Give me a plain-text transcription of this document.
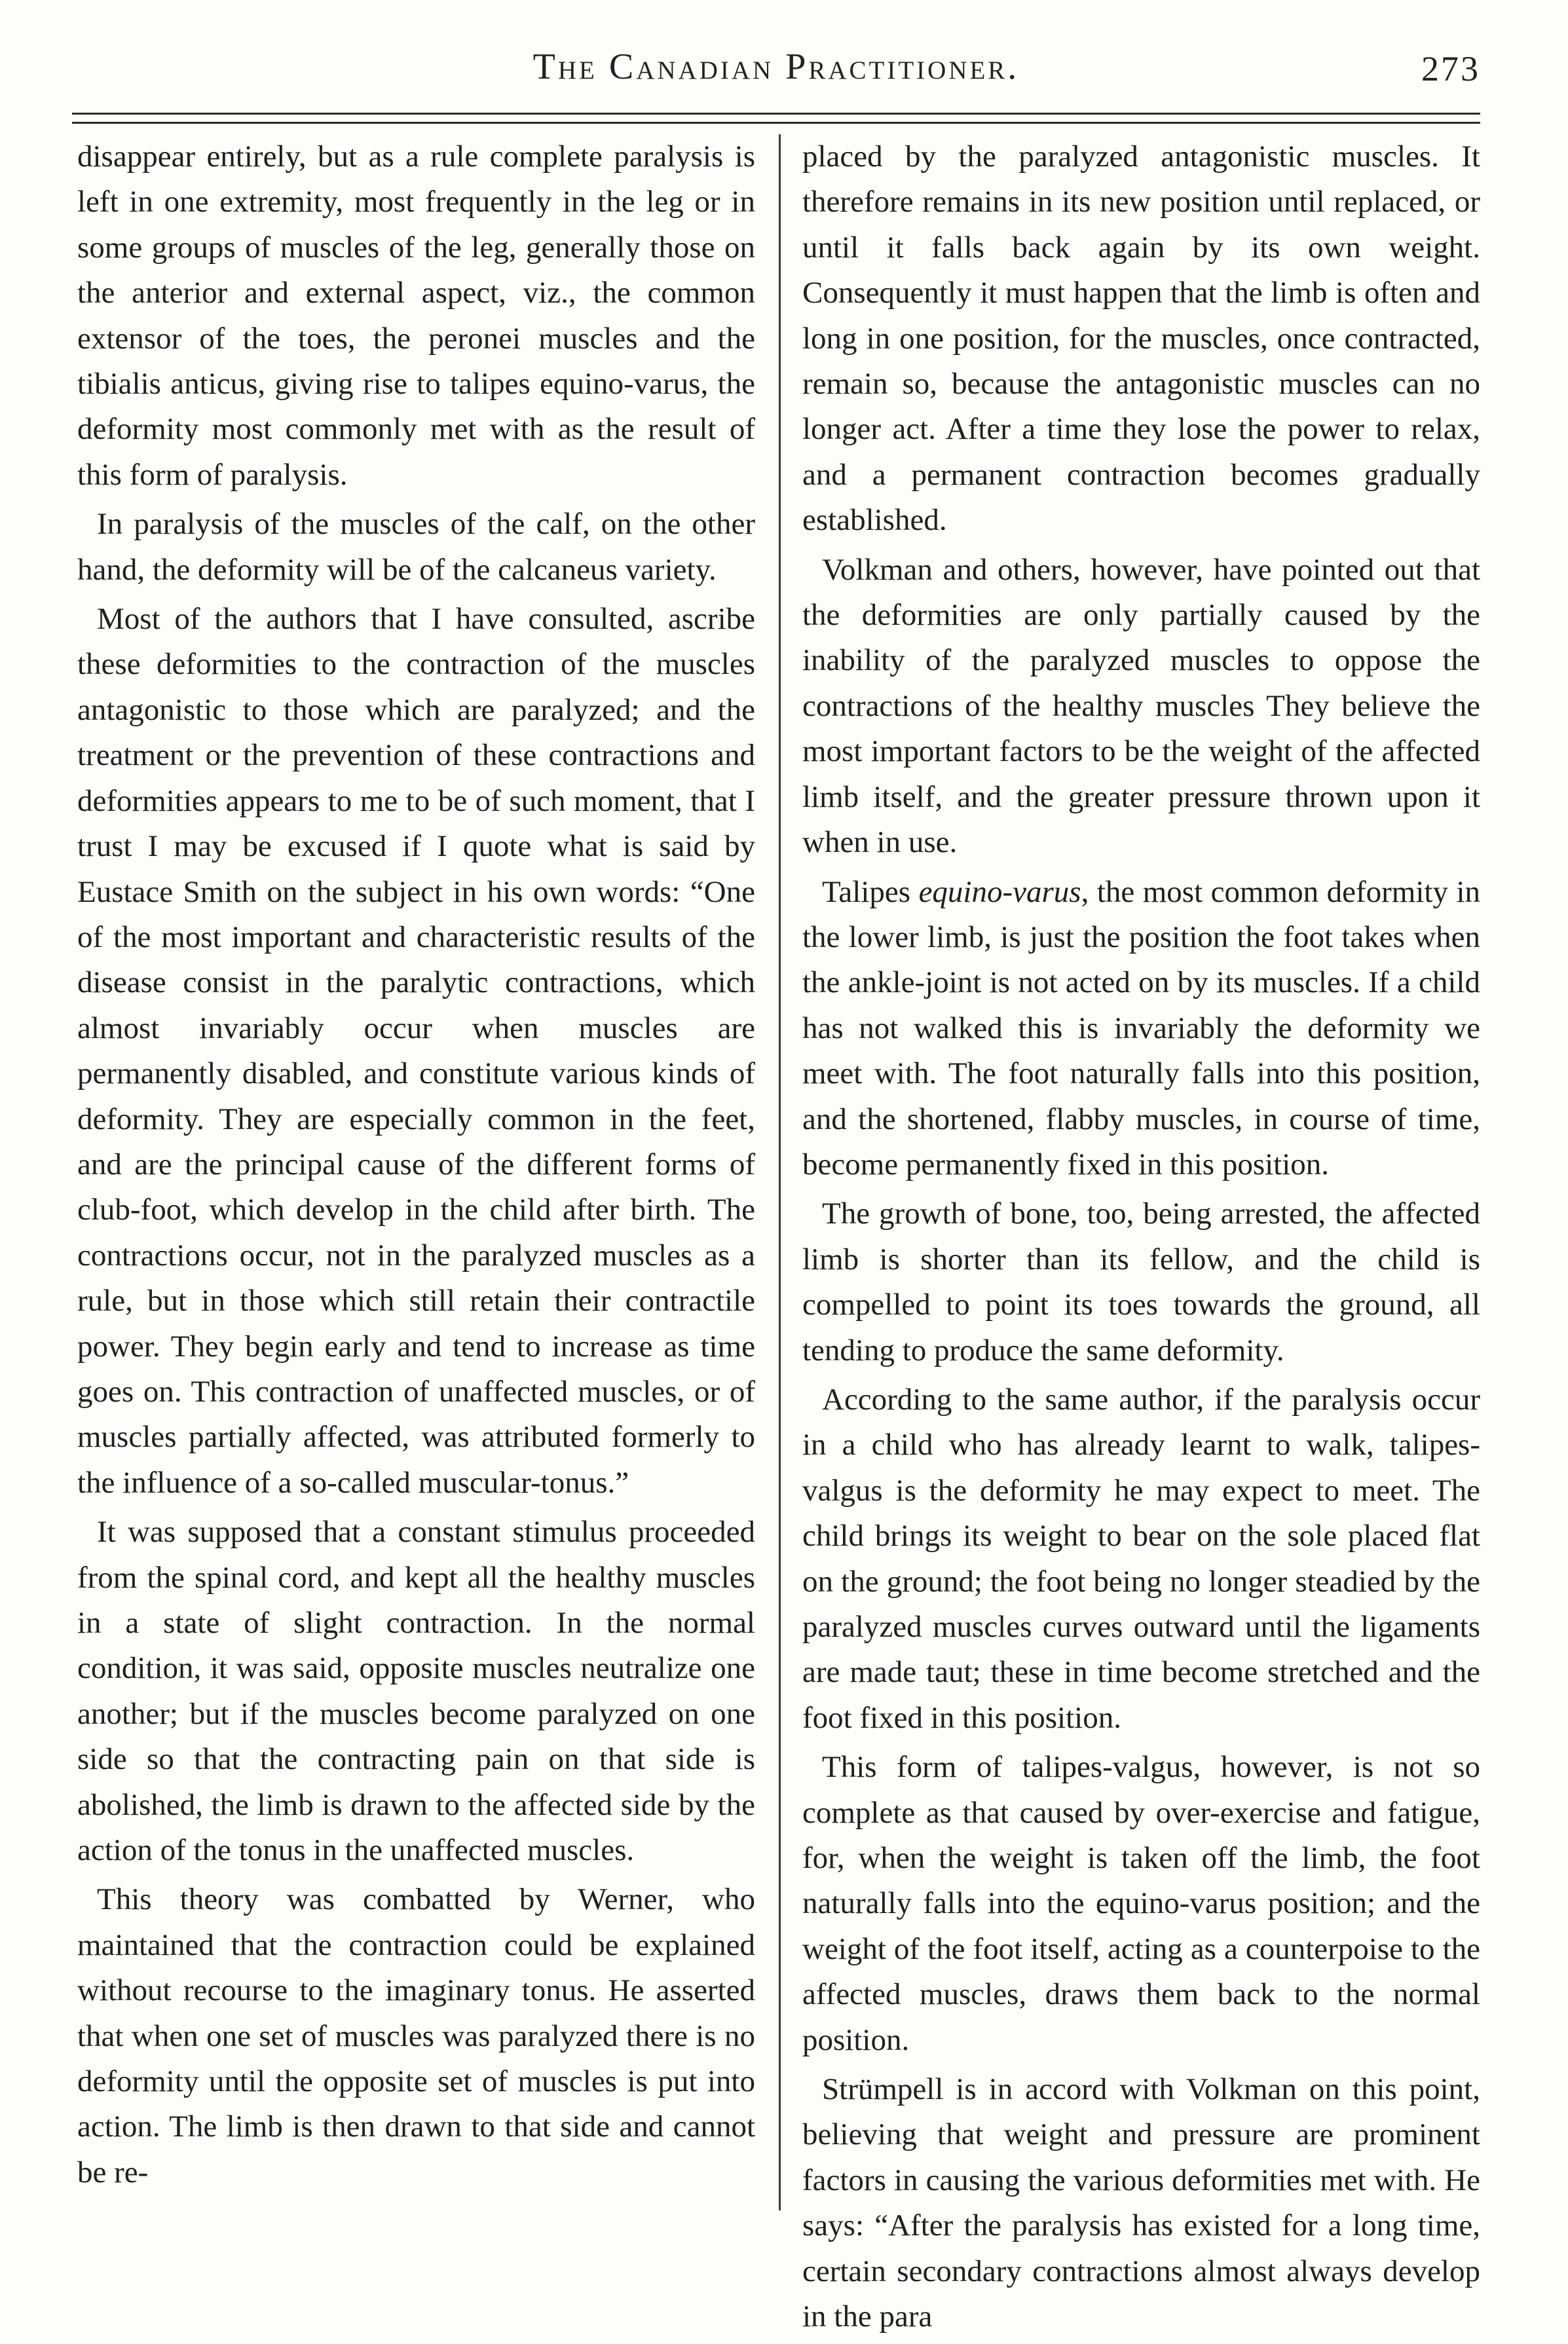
The Canadian Practitioner.	273

disappear entirely, but as a rule complete paralysis is left in one extremity, most frequently in the leg or in some groups of muscles of the leg, generally those on the anterior and external aspect, viz., the common extensor of the toes, the peronei muscles and the tibialis anticus, giving rise to talipes equino-varus, the deformity most commonly met with as the result of this form of paralysis.

In paralysis of the muscles of the calf, on the other hand, the deformity will be of the calcaneus variety.

Most of the authors that I have consulted, ascribe these deformities to the contraction of the muscles antagonistic to those which are paralyzed; and the treatment or the prevention of these contractions and deformities appears to me to be of such moment, that I trust I may be excused if I quote what is said by Eustace Smith on the subject in his own words: “One of the most important and characteristic results of the disease consist in the paralytic contractions, which almost invariably occur when muscles are permanently disabled, and constitute various kinds of deformity. They are especially common in the feet, and are the principal cause of the different forms of club-foot, which develop in the child after birth. The contractions occur, not in the paralyzed muscles as a rule, but in those which still retain their contractile power. They begin early and tend to increase as time goes on. This contraction of unaffected muscles, or of muscles partially affected, was attributed formerly to the influence of a so-called muscular-tonus.”

It was supposed that a constant stimulus proceeded from the spinal cord, and kept all the healthy muscles in a state of slight contraction. In the normal condition, it was said, opposite muscles neutralize one another; but if the muscles become paralyzed on one side so that the contracting pain on that side is abolished, the limb is drawn to the affected side by the action of the tonus in the unaffected muscles.

This theory was combatted by Werner, who maintained that the contraction could be explained without recourse to the imaginary tonus. He asserted that when one set of muscles was paralyzed there is no deformity until the opposite set of muscles is put into action. The limb is then drawn to that side and cannot be re-

placed by the paralyzed antagonistic muscles. It therefore remains in its new position until replaced, or until it falls back again by its own weight. Consequently it must happen that the limb is often and long in one position, for the muscles, once contracted, remain so, because the antagonistic muscles can no longer act. After a time they lose the power to relax, and a permanent contraction becomes gradually established.

Volkman and others, however, have pointed out that the deformities are only partially caused by the inability of the paralyzed muscles to oppose the contractions of the healthy muscles They believe the most important factors to be the weight of the affected limb itself, and the greater pressure thrown upon it when in use.

Talipes equino-varus, the most common deformity in the lower limb, is just the position the foot takes when the ankle-joint is not acted on by its muscles. If a child has not walked this is invariably the deformity we meet with. The foot naturally falls into this position, and the shortened, flabby muscles, in course of time, become permanently fixed in this position.

The growth of bone, too, being arrested, the affected limb is shorter than its fellow, and the child is compelled to point its toes towards the ground, all tending to produce the same deformity.

According to the same author, if the paralysis occur in a child who has already learnt to walk, talipes-valgus is the deformity he may expect to meet. The child brings its weight to bear on the sole placed flat on the ground; the foot being no longer steadied by the paralyzed muscles curves outward until the ligaments are made taut; these in time become stretched and the foot fixed in this position.

This form of talipes-valgus, however, is not so complete as that caused by over-exercise and fatigue, for, when the weight is taken off the limb, the foot naturally falls into the equino-varus position; and the weight of the foot itself, acting as a counterpoise to the affected muscles, draws them back to the normal position.

Strümpell is in accord with Volkman on this point, believing that weight and pressure are prominent factors in causing the various deformities met with. He says: “After the paralysis has existed for a long time, certain secondary contractions almost always develop in the para
